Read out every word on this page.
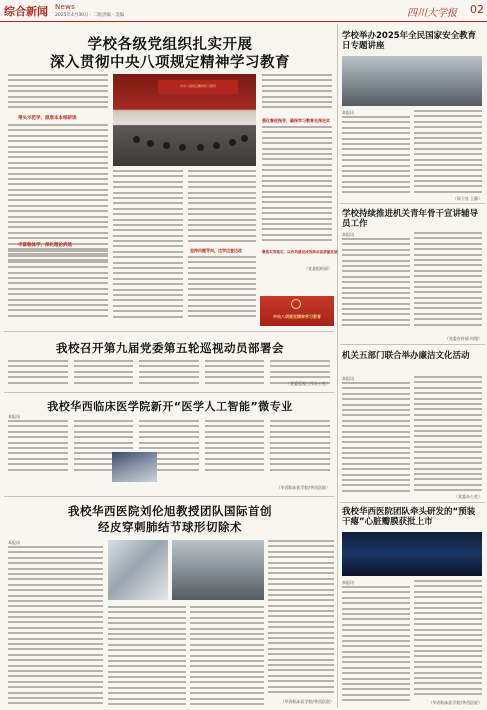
综合新闻 News
2025年4月30日 · 二版责编 · 美编	四川大学报 02
学校各级党组织扎实开展
深入贯彻中央八项规定精神学习教育
带头示范学，原原本本细研读
丰富载体学，深化理论武装
中央八项规定精神学习教育
坚持问题导向，边学边查边改
强化督促指导，确保学习教育走深走实
聚焦实效落实，以作风建设成效推动高质量发展
（党委组织部）
中央八项规定精神学习教育
我校召开第九届党委第五轮巡视动员部署会
（党委巡视工作办公室）
我校华西临床医学院新开“医学人工智能”微专业
本报讯
（华西临床医学院/华西医院）
我校华西医院刘伦旭教授团队国际首创
经皮穿刺肺结节球形切除术
本报讯
（华西临床医学院/华西医院）
学校举办2025年全民国家安全教育日专题讲座
本报讯
（保卫处 王静）
学校持续推进机关青年骨干宣讲辅导员工作
本报讯
（党委宣传部 何翔）
机关五部门联合举办廉洁文化活动
本报讯
（党委办公室）
我校华西医院团队牵头研发的“预装干瘪”心脏瓣膜获批上市
本报讯
（华西临床医学院/华西医院）
